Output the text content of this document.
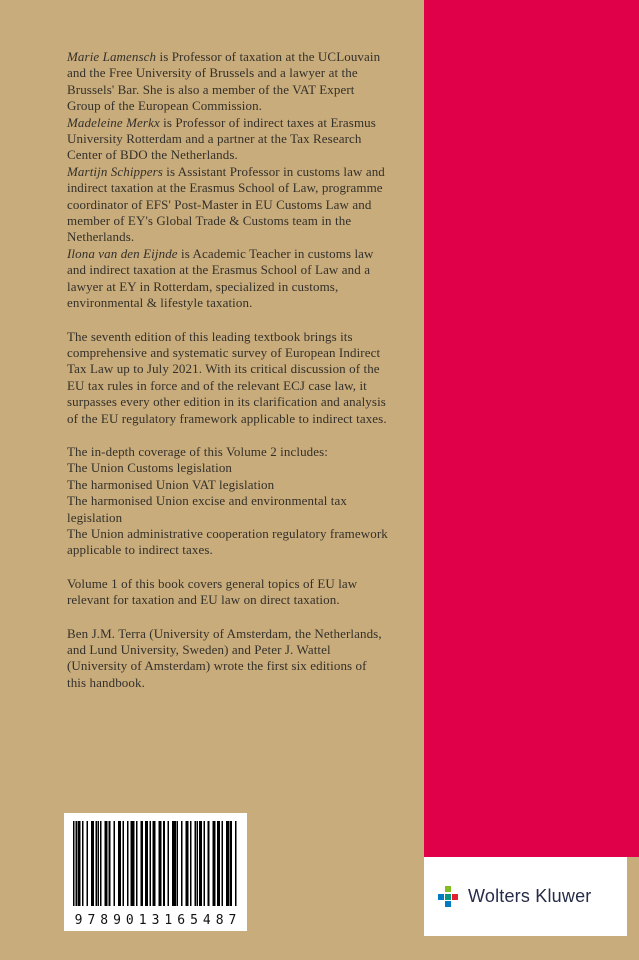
Marie Lamensch is Professor of taxation at the UCLouvain and the Free University of Brussels and a lawyer at the Brussels' Bar. She is also a member of the VAT Expert Group of the European Commission.

Madeleine Merkx is Professor of indirect taxes at Erasmus University Rotterdam and a partner at the Tax Research Center of BDO the Netherlands.

Martijn Schippers is Assistant Professor in customs law and indirect taxation at the Erasmus School of Law, programme coordinator of EFS' Post-Master in EU Customs Law and member of EY's Global Trade & Customs team in the Netherlands.

Ilona van den Eijnde is Academic Teacher in customs law and indirect taxation at the Erasmus School of Law and a lawyer at EY in Rotterdam, specialized in customs, environmental & lifestyle taxation.

The seventh edition of this leading textbook brings its comprehensive and systematic survey of European Indirect Tax Law up to July 2021. With its critical discussion of the EU tax rules in force and of the relevant ECJ case law, it surpasses every other edition in its clarification and analysis of the EU regulatory framework applicable to indirect taxes.

The in-depth coverage of this Volume 2 includes:
The Union Customs legislation
The harmonised Union VAT legislation
The harmonised Union excise and environmental tax legislation
The Union administrative cooperation regulatory framework applicable to indirect taxes.

Volume 1 of this book covers general topics of EU law relevant for taxation and EU law on direct taxation.

Ben J.M. Terra (University of Amsterdam, the Netherlands, and Lund University, Sweden) and Peter J. Wattel (University of Amsterdam) wrote the first six editions of this handbook.

9789013165487
Wolters Kluwer
